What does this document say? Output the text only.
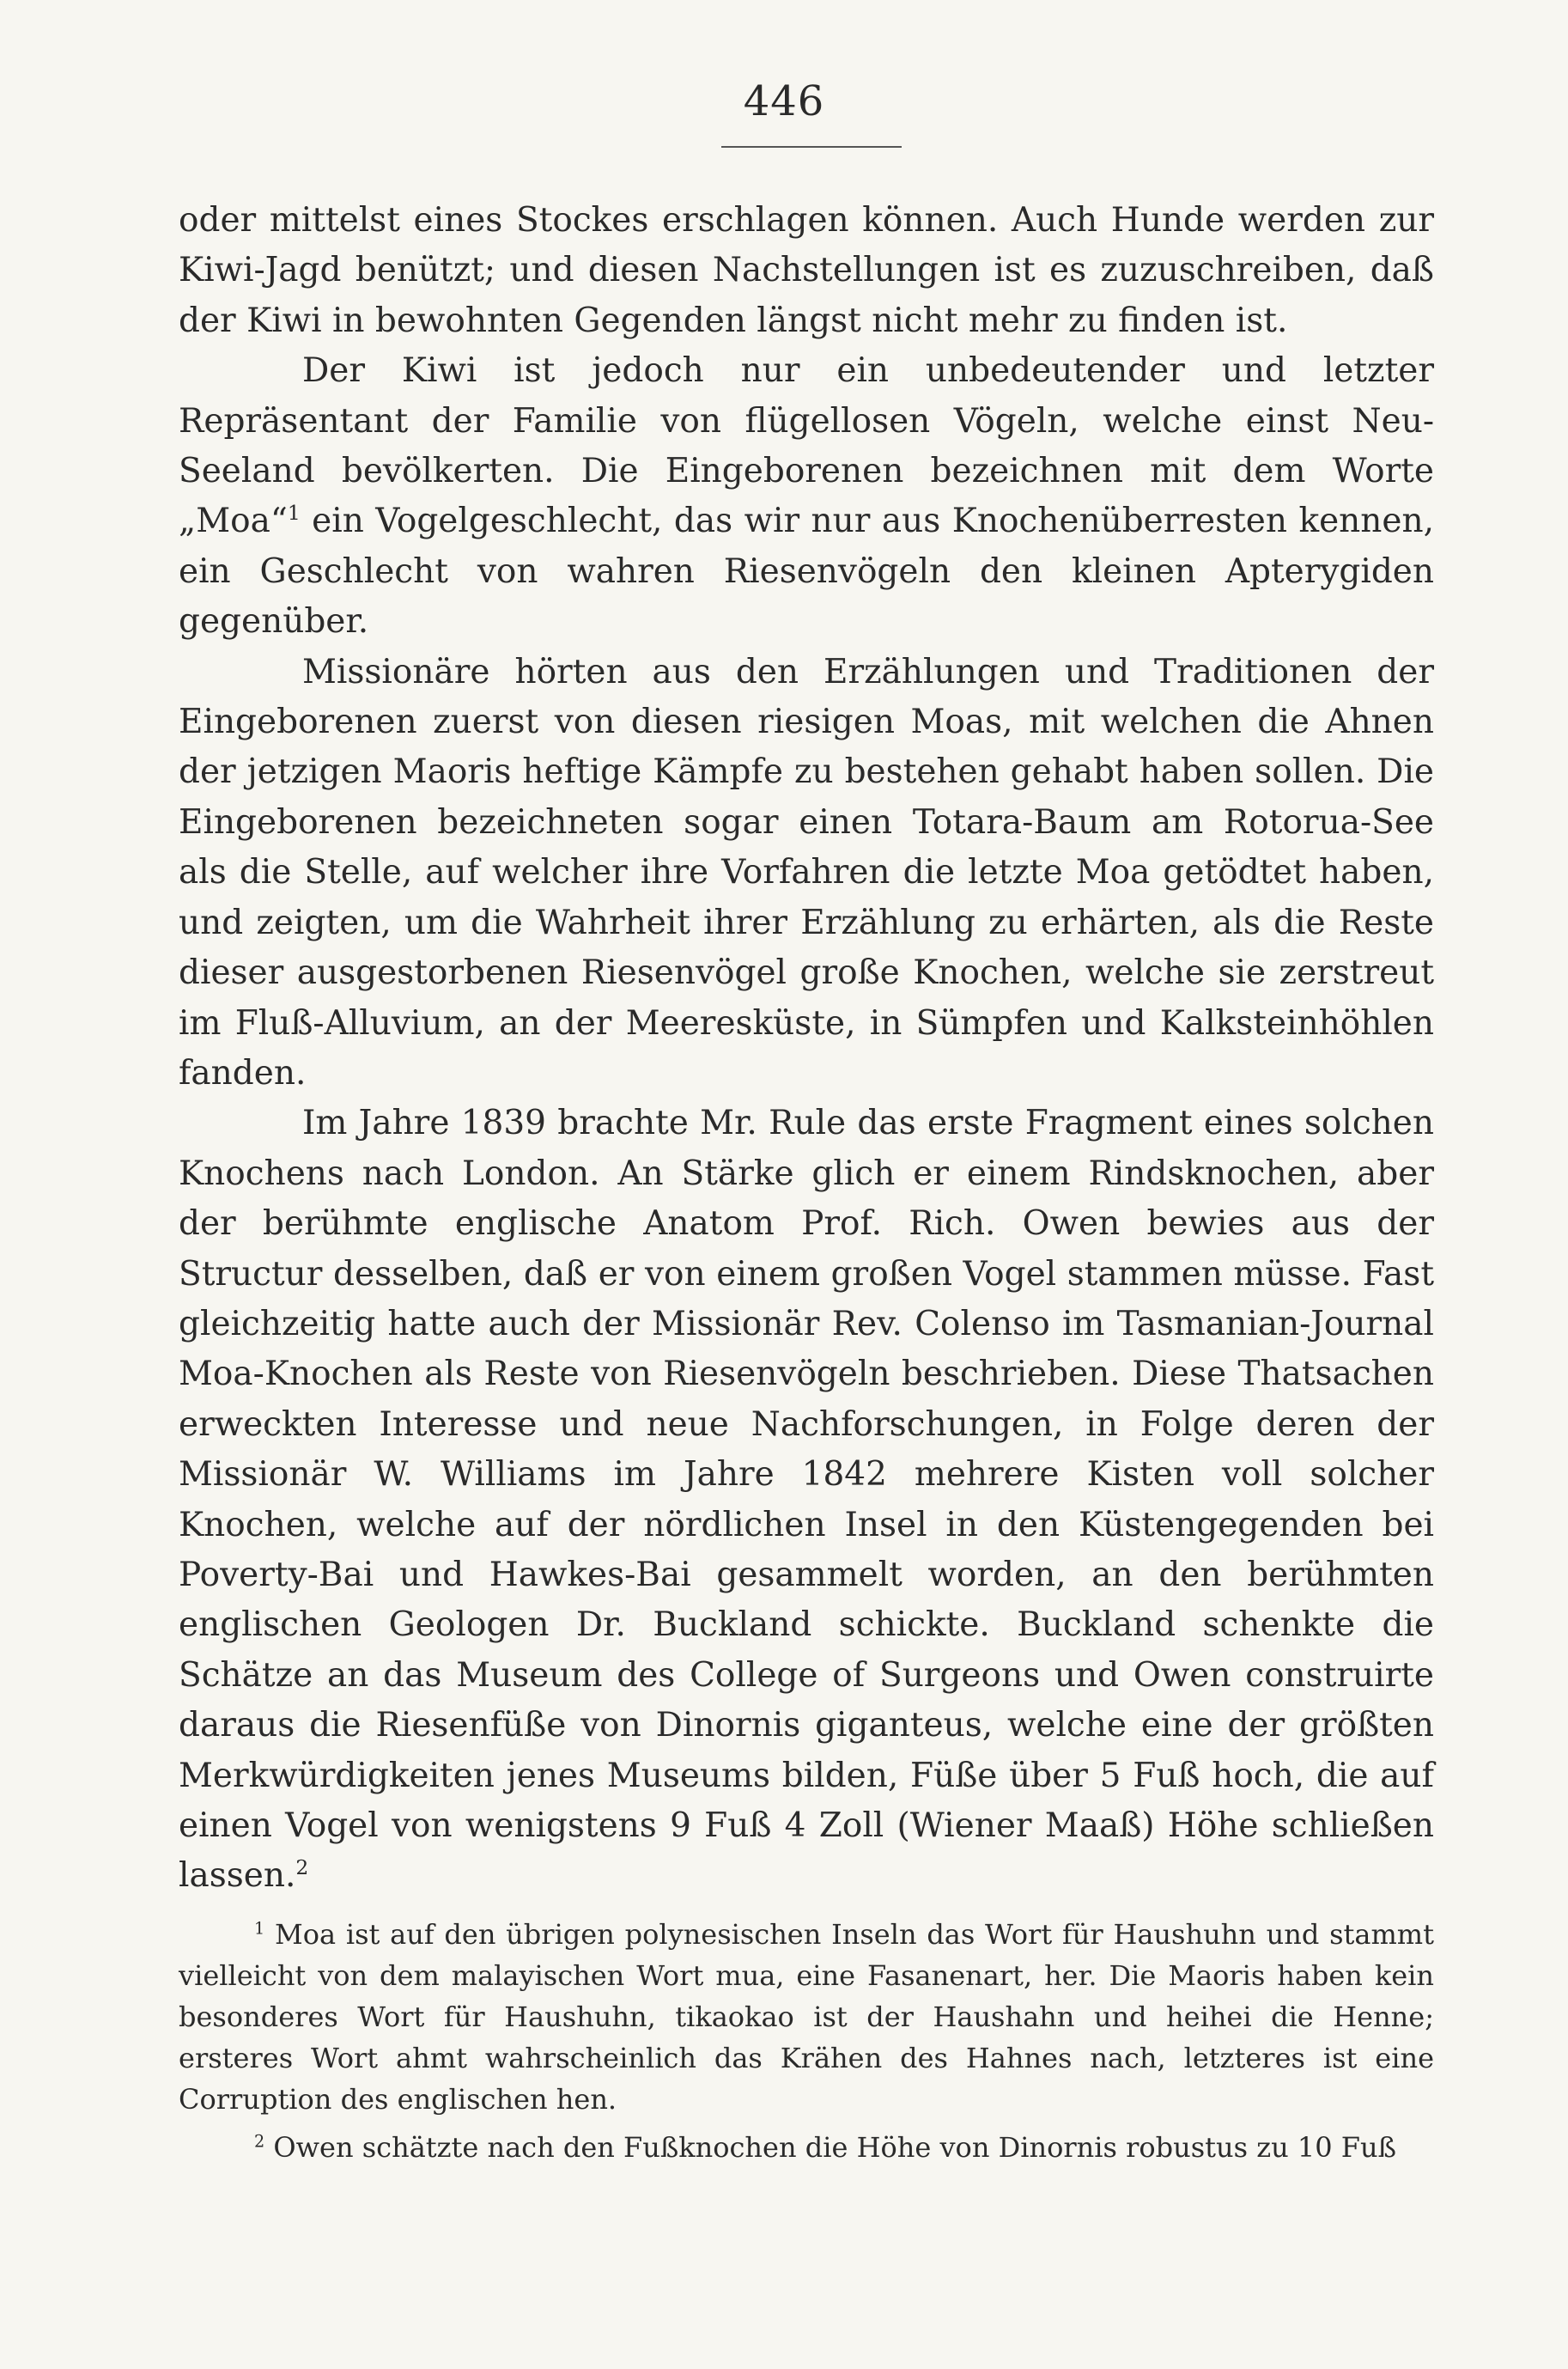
446

oder mittelst eines Stockes erschlagen können. Auch Hunde werden zur Kiwi-Jagd benützt; und diesen Nachstellungen ist es zuzuschreiben, daß der Kiwi in bewohnten Gegenden längst nicht mehr zu finden ist.

Der Kiwi ist jedoch nur ein unbedeutender und letzter Repräsentant der Familie von flügellosen Vögeln, welche einst Neu-Seeland bevölkerten. Die Eingeborenen bezeichnen mit dem Worte „Moa“$^1$ ein Vogelgeschlecht, das wir nur aus Knochenüberresten kennen, ein Geschlecht von wahren Riesenvögeln den kleinen Apterygiden gegenüber.

Missionäre hörten aus den Erzählungen und Traditionen der Eingeborenen zuerst von diesen riesigen Moas, mit welchen die Ahnen der jetzigen Maoris heftige Kämpfe zu bestehen gehabt haben sollen. Die Eingeborenen bezeichneten sogar einen Totara-Baum am Rotorua-See als die Stelle, auf welcher ihre Vorfahren die letzte Moa getödtet haben, und zeigten, um die Wahrheit ihrer Erzählung zu erhärten, als die Reste dieser ausgestorbenen Riesenvögel große Knochen, welche sie zerstreut im Fluß-Alluvium, an der Meeresküste, in Sümpfen und Kalksteinhöhlen fanden.

Im Jahre 1839 brachte Mr. Rule das erste Fragment eines solchen Knochens nach London. An Stärke glich er einem Rindsknochen, aber der berühmte englische Anatom Prof. Rich. Owen bewies aus der Structur desselben, daß er von einem großen Vogel stammen müsse. Fast gleichzeitig hatte auch der Missionär Rev. Colenso im Tasmanian-Journal Moa-Knochen als Reste von Riesenvögeln beschrieben. Diese Thatsachen erweckten Interesse und neue Nachforschungen, in Folge deren der Missionär W. Williams im Jahre 1842 mehrere Kisten voll solcher Knochen, welche auf der nördlichen Insel in den Küstengegenden bei Poverty-Bai und Hawkes-Bai gesammelt worden, an den berühmten englischen Geologen Dr. Buckland schickte. Buckland schenkte die Schätze an das Museum des College of Surgeons und Owen construirte daraus die Riesenfüße von Dinornis giganteus, welche eine der größten Merkwürdigkeiten jenes Museums bilden, Füße über 5 Fuß hoch, die auf einen Vogel von wenigstens 9 Fuß 4 Zoll (Wiener Maaß) Höhe schließen lassen.$^2$

$^1$ Moa ist auf den übrigen polynesischen Inseln das Wort für Haushuhn und stammt vielleicht von dem malayischen Wort mua, eine Fasanenart, her. Die Maoris haben kein besonderes Wort für Haushuhn, tikaokao ist der Haushahn und heihei die Henne; ersteres Wort ahmt wahrscheinlich das Krähen des Hahnes nach, letzteres ist eine Corruption des englischen hen.

$^2$ Owen schätzte nach den Fußknochen die Höhe von Dinornis robustus zu 10 Fuß
